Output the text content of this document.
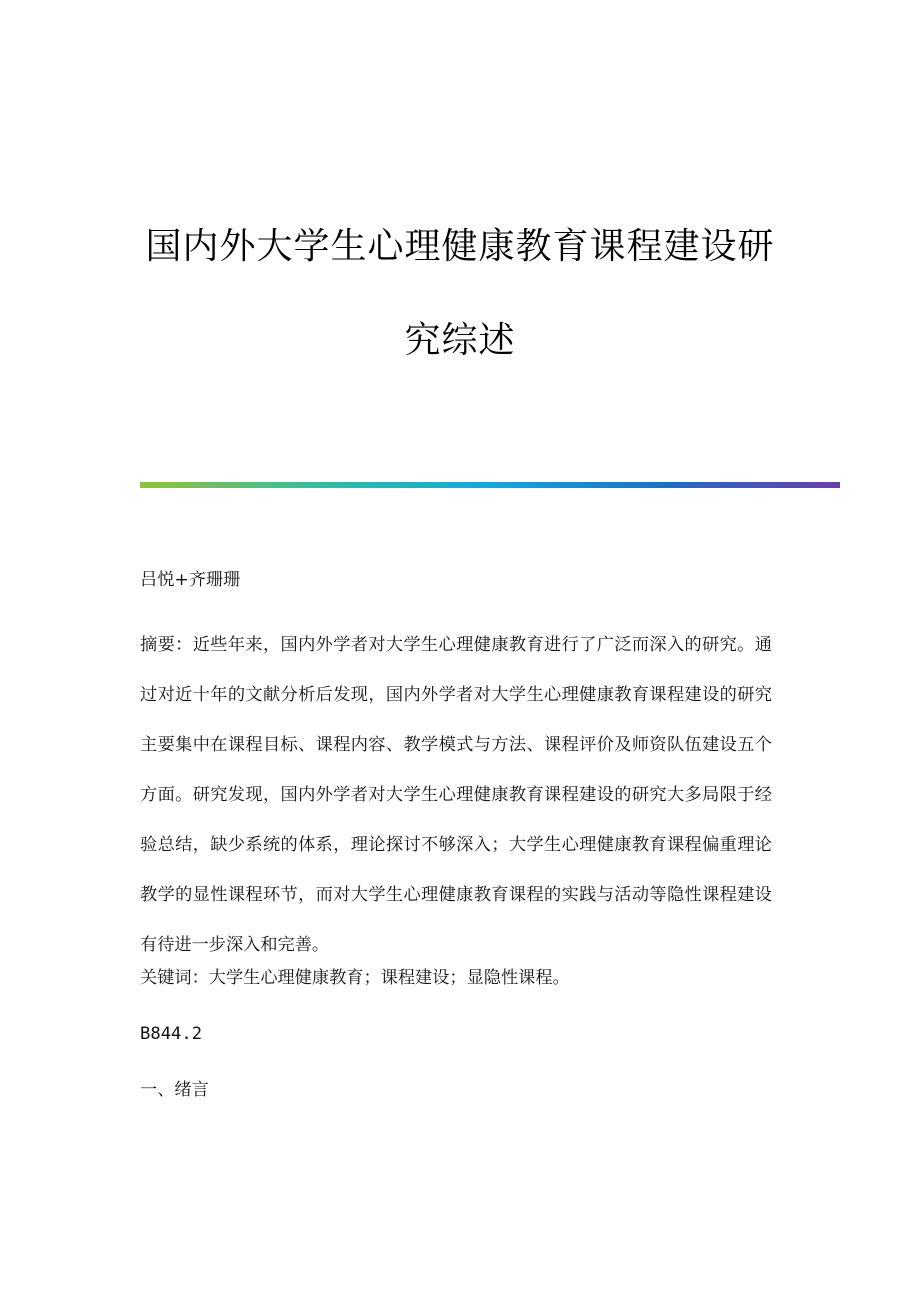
国内外大学生心理健康教育课程建设研
究综述
吕悦+齐珊珊
摘要：近些年来，国内外学者对大学生心理健康教育进行了广泛而深入的研究。通过对近十年的文献分析后发现，国内外学者对大学生心理健康教育课程建设的研究主要集中在课程目标、课程内容、教学模式与方法、课程评价及师资队伍建设五个方面。研究发现，国内外学者对大学生心理健康教育课程建设的研究大多局限于经验总结，缺少系统的体系，理论探讨不够深入；大学生心理健康教育课程偏重理论教学的显性课程环节，而对大学生心理健康教育课程的实践与活动等隐性课程建设有待进一步深入和完善。
关键词：大学生心理健康教育；课程建设；显隐性课程。
B844.2
一、绪言
